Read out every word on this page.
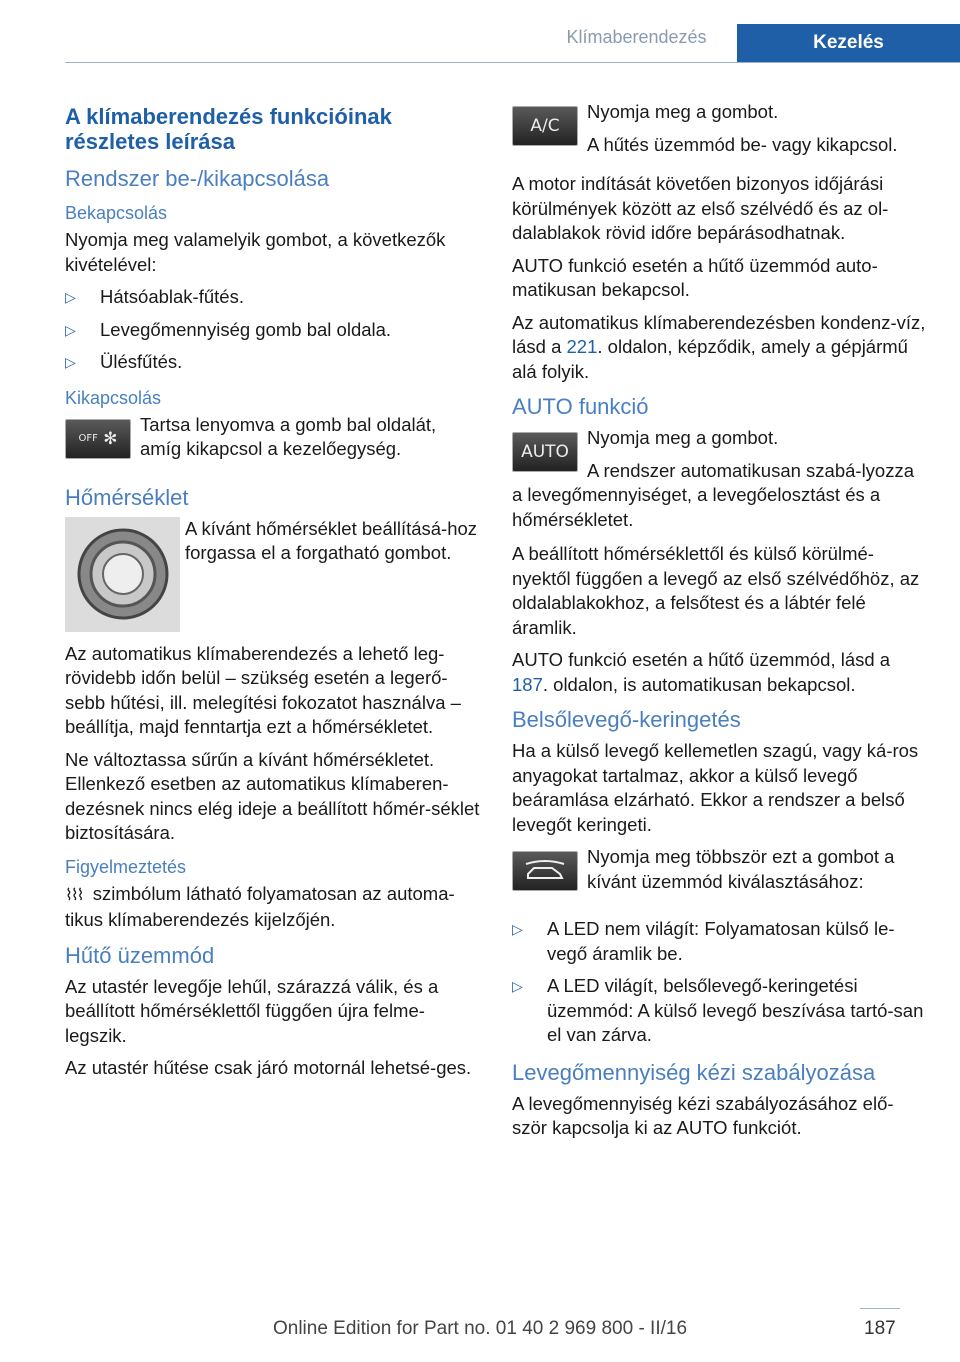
Klímaberendezés	Kezelés
A klímaberendezés funkcióinak részletes leírása
Rendszer be-/kikapcsolása
Bekapcsolás

Nyomja meg valamelyik gombot, a következők kivételével:

▷ Hátsóablak-fűtés.
▷ Levegőmennyiség gomb bal oldala.
▷ Ülésfűtés.
Kikapcsolás
OFF ✻

Tartsa lenyomva a gomb bal oldalát, amíg kikapcsol a kezelőegység.

Hőmérséklet

A kívánt hőmérséklet beállításá-hoz forgassa el a forgatható gombot.

Az automatikus klímaberendezés a lehető leg-rövidebb időn belül – szükség esetén a legerő-sebb hűtési, ill. melegítési fokozatot használva – beállítja, majd fenntartja ezt a hőmérsékletet.

Ne változtassa sűrűn a kívánt hőmérsékletet. Ellenkező esetben az automatikus klímaberen-dezésnek nincs elég ideje a beállított hőmér-séklet biztosítására.

Figyelmeztetés

⌇⌇⌇ szimbólum látható folyamatosan az automa-tikus klímaberendezés kijelzőjén.

Hűtő üzemmód

Az utastér levegője lehűl, szárazzá válik, és a beállított hőmérséklettől függően újra felme-legszik.

Az utastér hűtése csak járó motornál lehetsé-ges.

A/C

Nyomja meg a gombot.

A hűtés üzemmód be- vagy kikapcsol.

A motor indítását követően bizonyos időjárási körülmények között az első szélvédő és az ol-dalablakok rövid időre bepárásodhatnak.

AUTO funkció esetén a hűtő üzemmód auto-matikusan bekapcsol.

Az automatikus klímaberendezésben kondenz-víz, lásd a 221. oldalon, képződik, amely a gépjármű alá folyik.

AUTO funkció
AUTO

Nyomja meg a gombot.

A rendszer automatikusan szabá-lyozza a levegőmennyiséget, a levegőelosztást és a hőmérsékletet.

A beállított hőmérséklettől és külső körülmé-nyektől függően a levegő az első szélvédőhöz, az oldalablakokhoz, a felsőtest és a lábtér felé áramlik.

AUTO funkció esetén a hűtő üzemmód, lásd a 187. oldalon, is automatikusan bekapcsol.

Belsőlevegő-keringetés

Ha a külső levegő kellemetlen szagú, vagy ká-ros anyagokat tartalmaz, akkor a külső levegő beáramlása elzárható. Ekkor a rendszer a belső levegőt keringeti.

Nyomja meg többször ezt a gombot a kívánt üzemmód kiválasztásához:

▷ A LED nem világít: Folyamatosan külső le-vegő áramlik be.
▷ A LED világít, belsőlevegő-keringetési üzemmód: A külső levegő beszívása tartó-san el van zárva.
Levegőmennyiség kézi szabályozása

A levegőmennyiség kézi szabályozásához elő-ször kapcsolja ki az AUTO funkciót.

187
Online Edition for Part no. 01 40 2 969 800 - II/16
